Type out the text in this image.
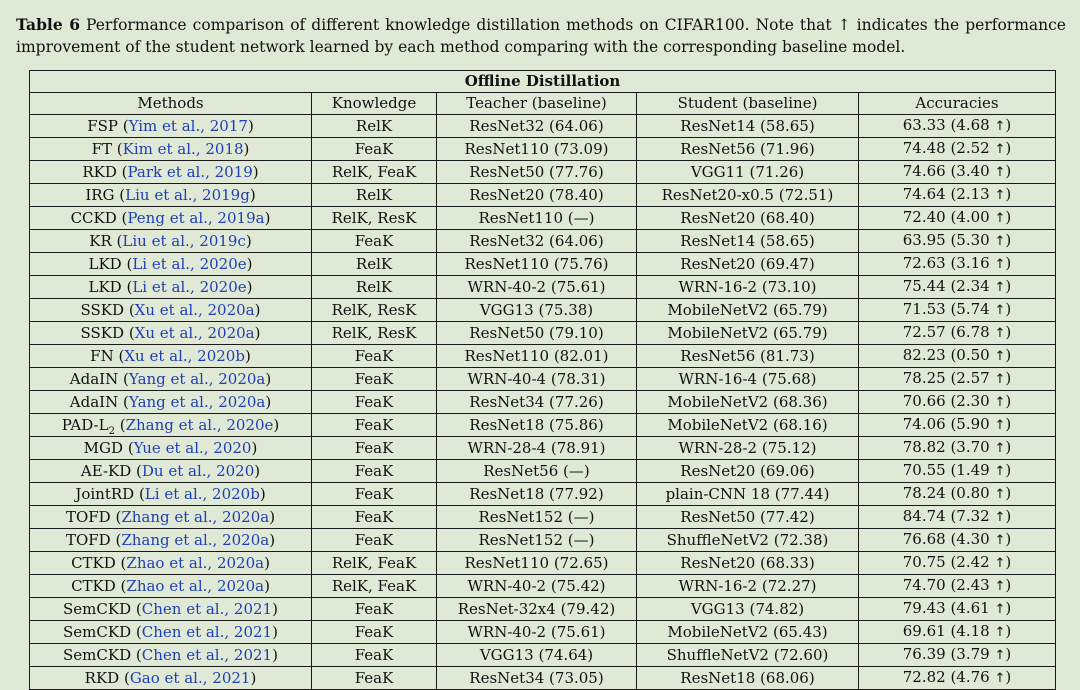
Table 6 Performance comparison of different knowledge distillation methods on CIFAR100. Note that ↑ indicates the performance improvement of the student network learned by each method comparing with the corresponding baseline model.
Offline Distillation				
Methods	Knowledge	Teacher (baseline)	Student (baseline)	Accuracies
FSP (Yim et al., 2017)	RelK	ResNet32 (64.06)	ResNet14 (58.65)	63.33 (4.68 ↑)
FT (Kim et al., 2018)	FeaK	ResNet110 (73.09)	ResNet56 (71.96)	74.48 (2.52 ↑)
RKD (Park et al., 2019)	RelK, FeaK	ResNet50 (77.76)	VGG11 (71.26)	74.66 (3.40 ↑)
IRG (Liu et al., 2019g)	RelK	ResNet20 (78.40)	ResNet20-x0.5 (72.51)	74.64 (2.13 ↑)
CCKD (Peng et al., 2019a)	RelK, ResK	ResNet110 (—)	ResNet20 (68.40)	72.40 (4.00 ↑)
KR (Liu et al., 2019c)	FeaK	ResNet32 (64.06)	ResNet14 (58.65)	63.95 (5.30 ↑)
LKD (Li et al., 2020e)	RelK	ResNet110 (75.76)	ResNet20 (69.47)	72.63 (3.16 ↑)
LKD (Li et al., 2020e)	RelK	WRN-40-2 (75.61)	WRN-16-2 (73.10)	75.44 (2.34 ↑)
SSKD (Xu et al., 2020a)	RelK, ResK	VGG13 (75.38)	MobileNetV2 (65.79)	71.53 (5.74 ↑)
SSKD (Xu et al., 2020a)	RelK, ResK	ResNet50 (79.10)	MobileNetV2 (65.79)	72.57 (6.78 ↑)
FN (Xu et al., 2020b)	FeaK	ResNet110 (82.01)	ResNet56 (81.73)	82.23 (0.50 ↑)
AdaIN (Yang et al., 2020a)	FeaK	WRN-40-4 (78.31)	WRN-16-4 (75.68)	78.25 (2.57 ↑)
AdaIN (Yang et al., 2020a)	FeaK	ResNet34 (77.26)	MobileNetV2 (68.36)	70.66 (2.30 ↑)
PAD-$L_2$ (Zhang et al., 2020e)	FeaK	ResNet18 (75.86)	MobileNetV2 (68.16)	74.06 (5.90 ↑)
MGD (Yue et al., 2020)	FeaK	WRN-28-4 (78.91)	WRN-28-2 (75.12)	78.82 (3.70 ↑)
AE-KD (Du et al., 2020)	FeaK	ResNet56 (—)	ResNet20 (69.06)	70.55 (1.49 ↑)
JointRD (Li et al., 2020b)	FeaK	ResNet18 (77.92)	plain-CNN 18 (77.44)	78.24 (0.80 ↑)
TOFD (Zhang et al., 2020a)	FeaK	ResNet152 (—)	ResNet50 (77.42)	84.74 (7.32 ↑)
TOFD (Zhang et al., 2020a)	FeaK	ResNet152 (—)	ShuffleNetV2 (72.38)	76.68 (4.30 ↑)
CTKD (Zhao et al., 2020a)	RelK, FeaK	ResNet110 (72.65)	ResNet20 (68.33)	70.75 (2.42 ↑)
CTKD (Zhao et al., 2020a)	RelK, FeaK	WRN-40-2 (75.42)	WRN-16-2 (72.27)	74.70 (2.43 ↑)
SemCKD (Chen et al., 2021)	FeaK	ResNet-32x4 (79.42)	VGG13 (74.82)	79.43 (4.61 ↑)
SemCKD (Chen et al., 2021)	FeaK	WRN-40-2 (75.61)	MobileNetV2 (65.43)	69.61 (4.18 ↑)
SemCKD (Chen et al., 2021)	FeaK	VGG13 (74.64)	ShuffleNetV2 (72.60)	76.39 (3.79 ↑)
RKD (Gao et al., 2021)	FeaK	ResNet34 (73.05)	ResNet18 (68.06)	72.82 (4.76 ↑)
